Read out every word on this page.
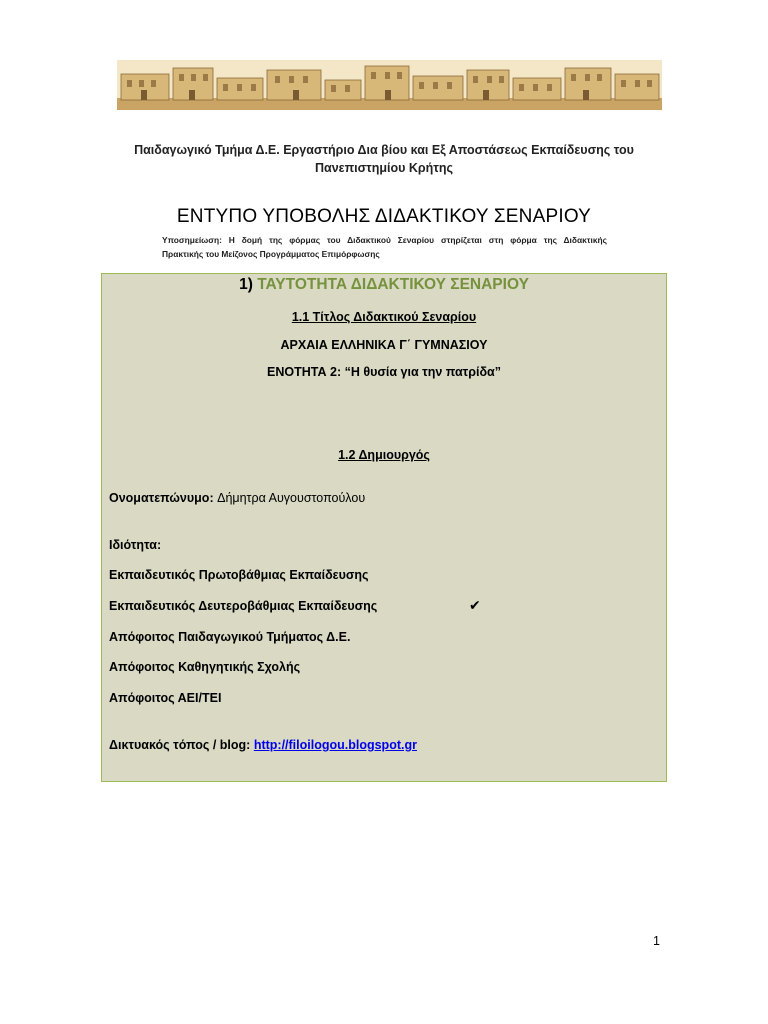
Παιδαγωγικό Τμήμα Δ.Ε. Εργαστήριο Δια βίου και Εξ Αποστάσεως Εκπαίδευσης του
Πανεπιστημίου Κρήτης
ΕΝΤΥΠΟ ΥΠΟΒΟΛΗΣ ΔΙΔΑΚΤΙΚΟΥ ΣΕΝΑΡΙΟΥ
Υποσημείωση: Η δομή της φόρμας του Διδακτικού Σεναρίου στηρίζεται στη φόρμα της Διδακτικής
Πρακτικής του Μείζονος Προγράμματος Επιμόρφωσης
1) ΤΑΥΤΟΤΗΤΑ ΔΙΔΑΚΤΙΚΟΥ ΣΕΝΑΡΙΟΥ
1.1 Τίτλος Διδακτικού Σεναρίου
ΑΡΧΑΙΑ ΕΛΛΗΝΙΚΑ Γ΄ ΓΥΜΝΑΣΙΟΥ
ΕΝΟΤΗΤΑ 2: “Η θυσία για την πατρίδα”
1.2 Δημιουργός
Ονοματεπώνυμο: Δήμητρα Αυγουστοπούλου
Ιδιότητα:
Εκπαιδευτικός Πρωτοβάθμιας Εκπαίδευσης
Εκπαιδευτικός Δευτεροβάθμιας Εκπαίδευσης	✔
Απόφοιτος Παιδαγωγικού Τμήματος Δ.Ε.
Απόφοιτος Καθηγητικής Σχολής
Απόφοιτος ΑΕΙ/ΤΕΙ
Δικτυακός τόπος / blog: http://filoilogou.blogspot.gr
1
